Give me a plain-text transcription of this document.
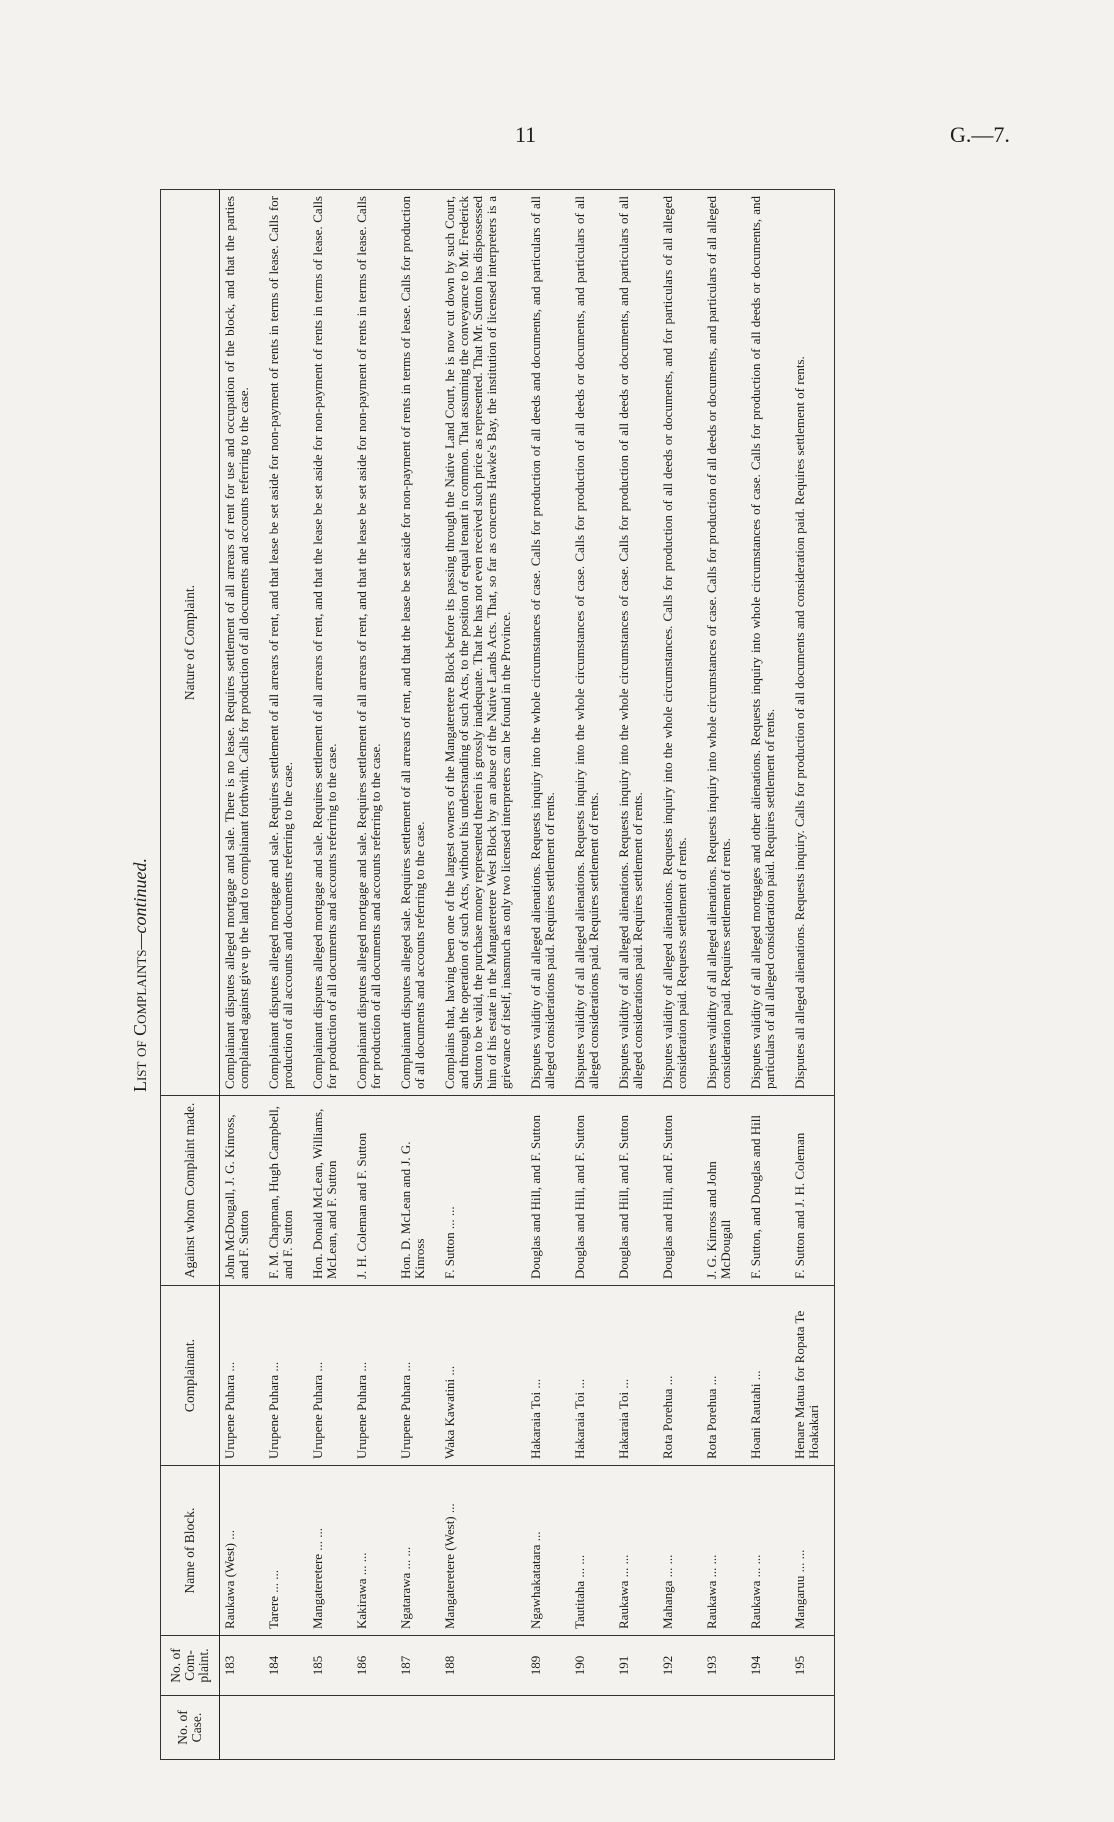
11	G.—7.
List of Complaints—continued.
No. of Case.	No. of Com-plaint.	Name of Block.	Complainant.	Against whom Complaint made.	Nature of Complaint.
	183	Raukawa (West) ...	Urupene Puhara ...	John McDougall, J. G. Kinross, and F. Sutton	Complainant disputes alleged mortgage and sale. There is no lease. Requires settlement of all arrears of rent for use and occupation of the block, and that the parties complained against give up the land to complainant forthwith. Calls for production of all documents and accounts referring to the case.

	184	Tarere ... ...	Urupene Puhara ...	F. M. Chapman, Hugh Campbell, and F. Sutton	Complainant disputes alleged mortgage and sale. Requires settlement of all arrears of rent, and that lease be set aside for non-payment of rents in terms of lease. Calls for production of all accounts and documents referring to the case.

	185	Mangateretere ... ...	Urupene Puhara ...	Hon. Donald McLean, Williams, McLean, and F. Sutton	Complainant disputes alleged mortgage and sale. Requires settlement of all arrears of rent, and that the lease be set aside for non-payment of rents in terms of lease. Calls for production of all documents and accounts referring to the case.

	186	Kakirawa ... ...	Urupene Puhara ...	J. H. Coleman and F. Sutton	Complainant disputes alleged mortgage and sale. Requires settlement of all arrears of rent, and that the lease be set aside for non-payment of rents in terms of lease. Calls for production of all documents and accounts referring to the case.

	187	Ngatarawa ... ...	Urupene Puhara ...	Hon. D. McLean and J. G. Kinross	Complainant disputes alleged sale. Requires settlement of all arrears of rent, and that the lease be set aside for non-payment of rents in terms of lease. Calls for production of all documents and accounts referring to the case.

	188	Mangateretere (West) ...	Waka Kawatini ...	F. Sutton ... ...	Complains that, having been one of the largest owners of the Mangateretere Block before its passing through the Native Land Court, he is now cut down by such Court, and through the operation of such Acts, without his understanding of such Acts, to the position of equal tenant in common. That assuming the conveyance to Mr. Frederick Sutton to be valid, the purchase money represented therein is grossly inadequate. That he has not even received such price as represented. That Mr. Sutton has dispossessed him of his estate in the Mangateretere West Block by an abuse of the Native Lands Acts. That, so far as concerns Hawke's Bay, the institution of licensed interpreters is a grievance of itself, inasmuch as only two licensed interpreters can be found in the Province.

	189	Ngawhakatatara ...	Hakaraia Toi ...	Douglas and Hill, and F. Sutton	Disputes validity of all alleged alienations. Requests inquiry into the whole circumstances of case. Calls for production of all deeds and documents, and particulars of all alleged considerations paid. Requires settlement of rents.

	190	Tautitaha ... ...	Hakaraia Toi ...	Douglas and Hill, and F. Sutton	Disputes validity of all alleged alienations. Requests inquiry into the whole circumstances of case. Calls for production of all deeds or documents, and particulars of all alleged considerations paid. Requires settlement of rents.

	191	Raukawa ... ...	Hakaraia Toi ...	Douglas and Hill, and F. Sutton	Disputes validity of all alleged alienations. Requests inquiry into the whole circumstances of case. Calls for production of all deeds or documents, and particulars of all alleged considerations paid. Requires settlement of rents.

	192	Mahanga ... ...	Rota Porehua ...	Douglas and Hill, and F. Sutton	Disputes validity of alleged alienations. Requests inquiry into the whole circumstances. Calls for production of all deeds or documents, and for particulars of all alleged consideration paid. Requests settlement of rents.

	193	Raukawa ... ...	Rota Porehua ...	J. G. Kinross and John McDougall	Disputes validity of all alleged alienations. Requests inquiry into whole circumstances of case. Calls for production of all deeds or documents, and particulars of all alleged consideration paid. Requires settlement of rents.

	194	Raukawa ... ...	Hoani Rautahi ...	F. Sutton, and Douglas and Hill	Disputes validity of all alleged mortgages and other alienations. Requests inquiry into whole circumstances of case. Calls for production of all deeds or documents, and particulars of all alleged consideration paid. Requires settlement of rents.

	195	Mangaruu ... ...	Henare Matua for Ropata Te Hoakakari	F. Sutton and J. H. Coleman	Disputes all alleged alienations. Requests inquiry. Calls for production of all documents and consideration paid. Requires settlement of rents.
